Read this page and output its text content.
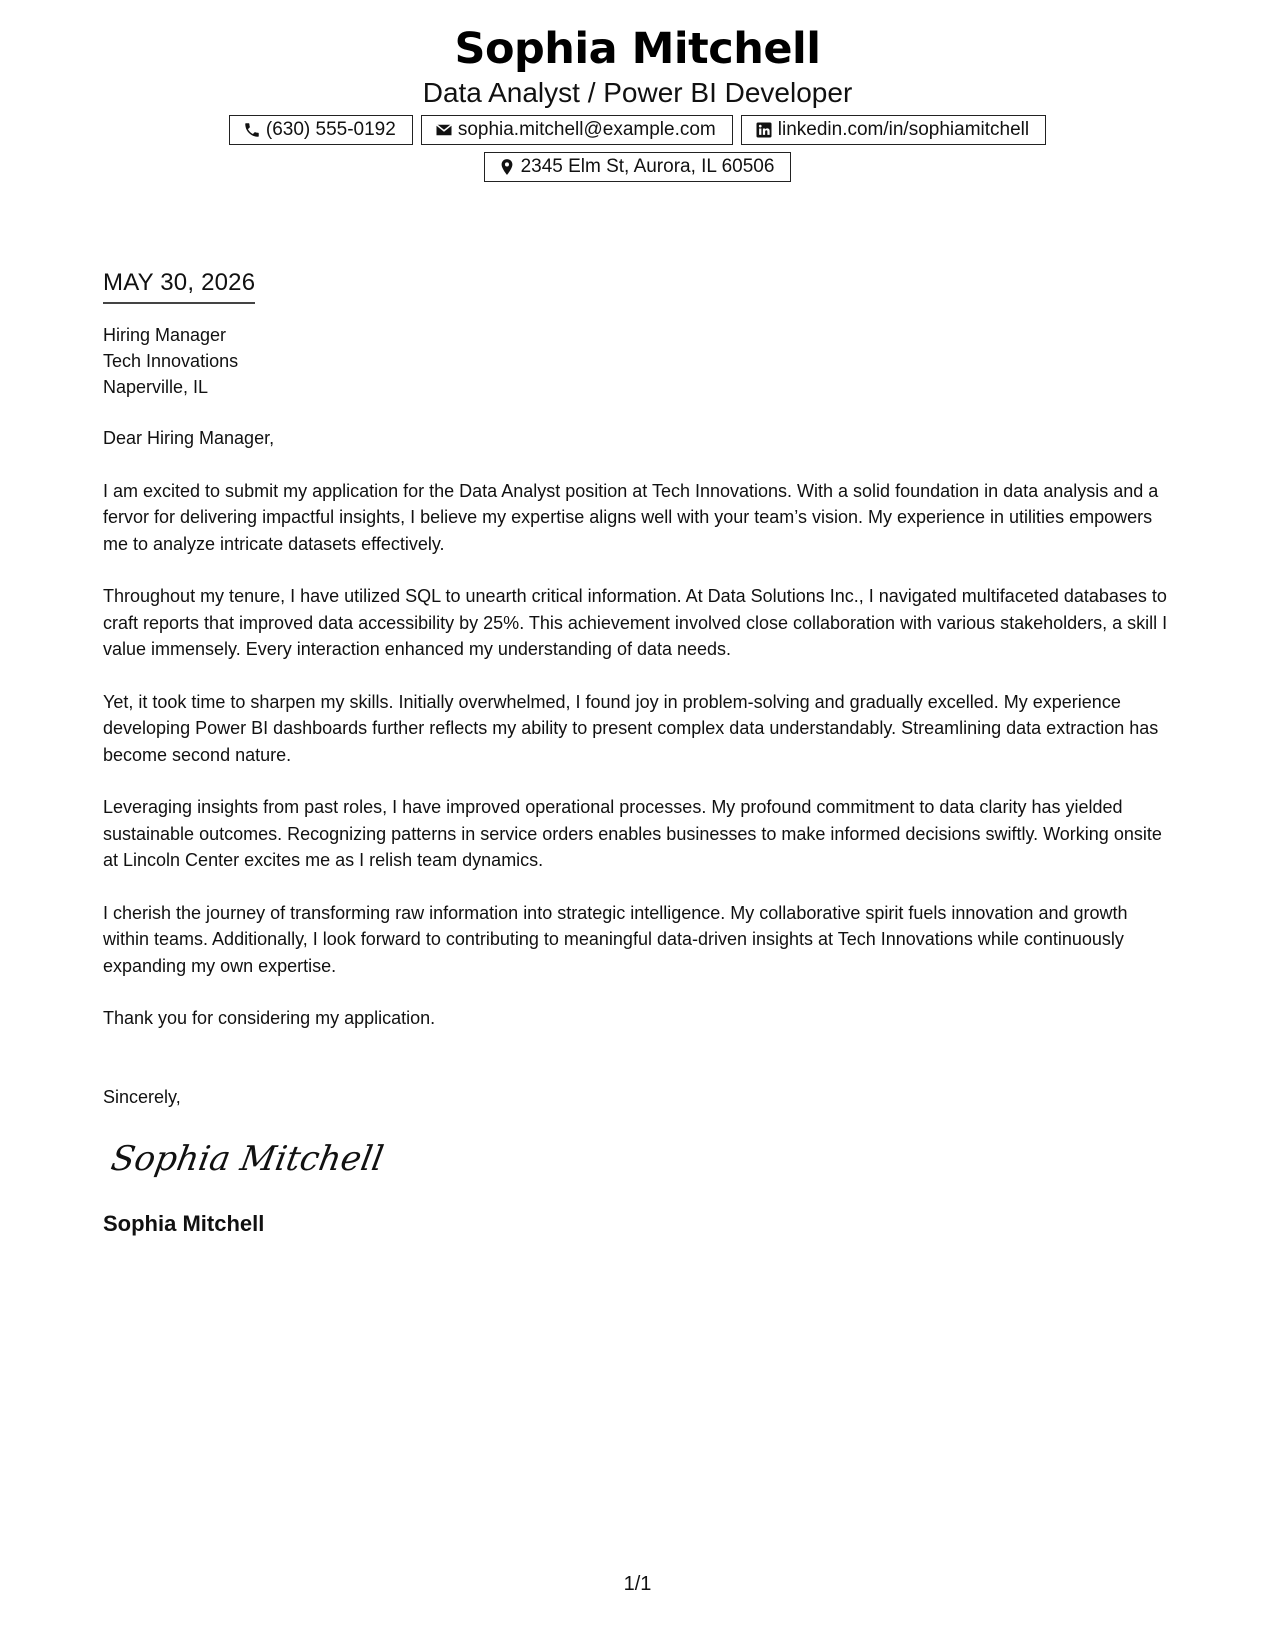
Sophia Mitchell
Data Analyst / Power BI Developer
(630) 555-0192	sophia.mitchell@example.com	linkedin.com/in/sophiamitchell
2345 Elm St, Aurora, IL 60506
MAY 30, 2026
Hiring Manager
Tech Innovations
Naperville, IL
Dear Hiring Manager,
I am excited to submit my application for the Data Analyst position at Tech Innovations. With a solid foundation in data analysis and a fervor for delivering impactful insights, I believe my expertise aligns well with your team’s vision. My experience in utilities empowers me to analyze intricate datasets effectively.
Throughout my tenure, I have utilized SQL to unearth critical information. At Data Solutions Inc., I navigated multifaceted databases to craft reports that improved data accessibility by 25%. This achievement involved close collaboration with various stakeholders, a skill I value immensely. Every interaction enhanced my understanding of data needs.
Yet, it took time to sharpen my skills. Initially overwhelmed, I found joy in problem-solving and gradually excelled. My experience developing Power BI dashboards further reflects my ability to present complex data understandably. Streamlining data extraction has become second nature.
Leveraging insights from past roles, I have improved operational processes. My profound commitment to data clarity has yielded sustainable outcomes. Recognizing patterns in service orders enables businesses to make informed decisions swiftly. Working onsite at Lincoln Center excites me as I relish team dynamics.
I cherish the journey of transforming raw information into strategic intelligence. My collaborative spirit fuels innovation and growth within teams. Additionally, I look forward to contributing to meaningful data-driven insights at Tech Innovations while continuously expanding my own expertise.
Thank you for considering my application.
Sincerely,
Sophia Mitchell
Sophia Mitchell
1/1
